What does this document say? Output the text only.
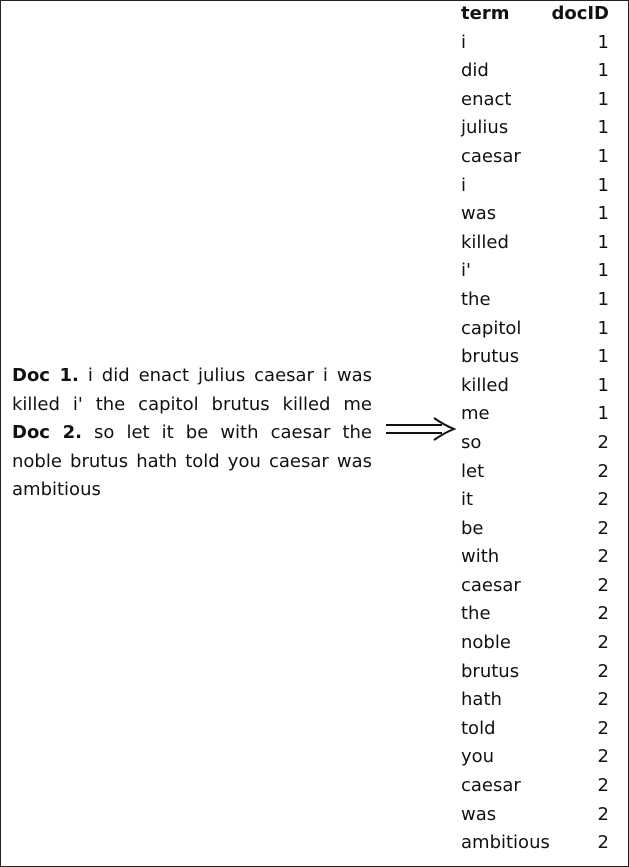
Doc 1. i did enact julius caesar i was killed i' the capitol brutus killed me Doc 2. so let it be with caesar the noble brutus hath told you caesar was ambitious
term	docID
i	1
did	1
enact	1
julius	1
caesar	1
i	1
was	1
killed	1
i'	1
the	1
capitol	1
brutus	1
killed	1
me	1
so	2
let	2
it	2
be	2
with	2
caesar	2
the	2
noble	2
brutus	2
hath	2
told	2
you	2
caesar	2
was	2
ambitious	2
